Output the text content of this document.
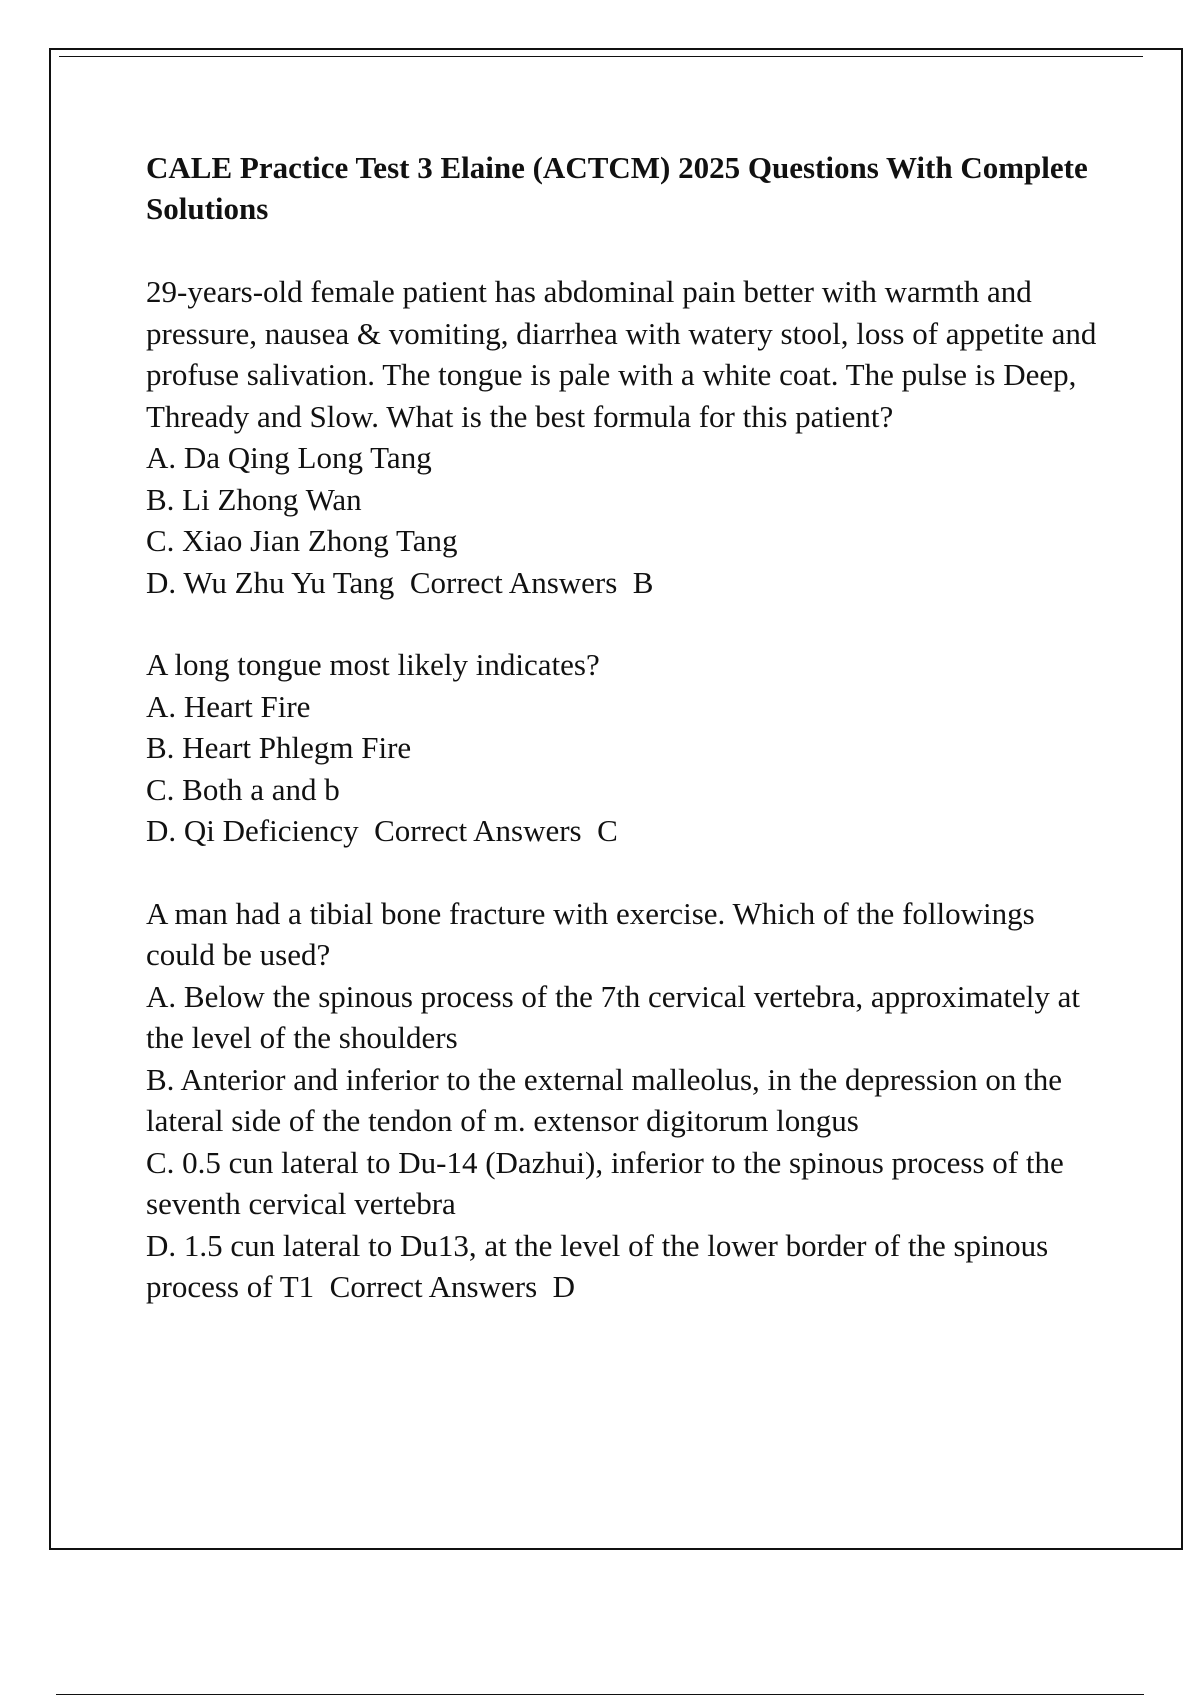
CALE Practice Test 3 Elaine (ACTCM) 2025 Questions With Complete Solutions
29-years-old female patient has abdominal pain better with warmth and pressure, nausea & vomiting, diarrhea with watery stool, loss of appetite and profuse salivation. The tongue is pale with a white coat. The pulse is Deep, Thready and Slow. What is the best formula for this patient?
A. Da Qing Long Tang
B. Li Zhong Wan
C. Xiao Jian Zhong Tang
D. Wu Zhu Yu Tang Correct Answers B
A long tongue most likely indicates?
A. Heart Fire
B. Heart Phlegm Fire
C. Both a and b
D. Qi Deficiency Correct Answers C
A man had a tibial bone fracture with exercise. Which of the followings could be used?
A. Below the spinous process of the 7th cervical vertebra, approximately at the level of the shoulders
B. Anterior and inferior to the external malleolus, in the depression on the lateral side of the tendon of m. extensor digitorum longus
C. 0.5 cun lateral to Du-14 (Dazhui), inferior to the spinous process of the seventh cervical vertebra
D. 1.5 cun lateral to Du13, at the level of the lower border of the spinous process of T1 Correct Answers D
